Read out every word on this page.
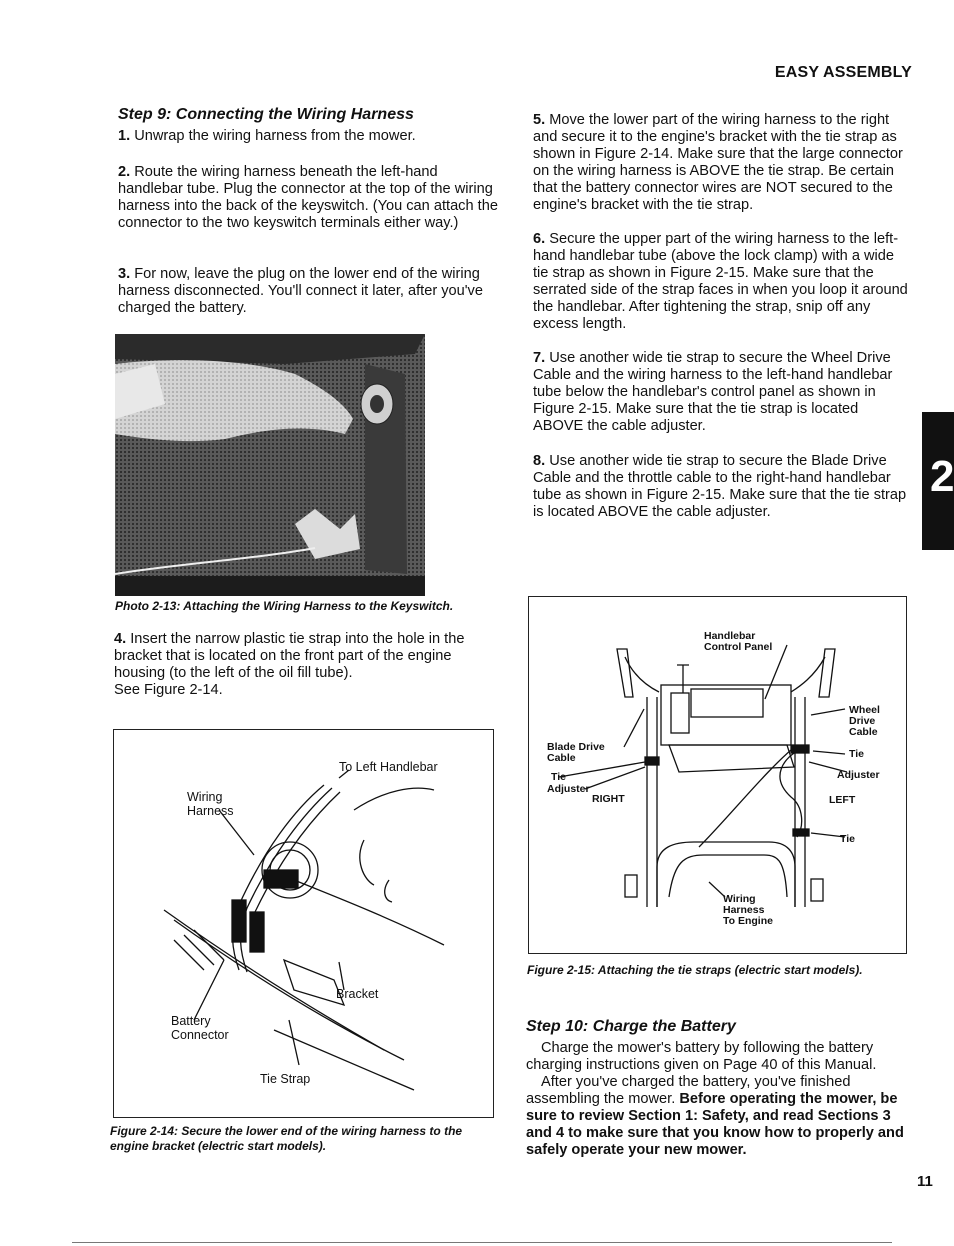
EASY ASSEMBLY
2
Step 9: Connecting the Wiring Harness
1. Unwrap the wiring harness from the mower.
2. Route the wiring harness beneath the left-hand handlebar tube. Plug the connector at the top of the wiring harness into the back of the keyswitch. (You can attach the connector to the two keyswitch terminals either way.)
3. For now, leave the plug on the lower end of the wiring harness disconnected. You'll connect it later, after you've charged the battery.
Photo 2-13: Attaching the Wiring Harness to the Keyswitch.
4. Insert the narrow plastic tie strap into the hole in the bracket that is located on the front part of the engine housing (to the left of the oil fill tube).
See Figure 2-14.
To Left Handlebar
Wiring
Harness
Bracket
Battery
Connector
Tie Strap
Figure 2-14: Secure the lower end of the wiring harness to the engine bracket (electric start models).
5. Move the lower part of the wiring harness to the right and secure it to the engine's bracket with the tie strap as shown in Figure 2-14. Make sure that the large connector on the wiring harness is ABOVE the tie strap. Be certain that the battery connector wires are NOT secured to the engine's bracket with the tie strap.
6. Secure the upper part of the wiring harness to the left-hand handlebar tube (above the lock clamp) with a wide tie strap as shown in Figure 2-15. Make sure that the serrated side of the strap faces in when you loop it around the handlebar. After tightening the strap, snip off any excess length.
7. Use another wide tie strap to secure the Wheel Drive Cable and the wiring harness to the left-hand handlebar tube below the handlebar's control panel as shown in Figure 2-15. Make sure that the tie strap is located ABOVE the cable adjuster.
8. Use another wide tie strap to secure the Blade Drive Cable and the throttle cable to the right-hand handlebar tube as shown in Figure 2-15. Make sure that the tie strap is located ABOVE the cable adjuster.
Handlebar
Control Panel
Wheel
Drive
Cable
Blade Drive
Cable
Tie
Adjuster
RIGHT
Tie
Adjuster
LEFT
Tie
Wiring
Harness
To Engine
Figure 2-15: Attaching the tie straps (electric start models).
Step 10: Charge the Battery
Charge the mower's battery by following the battery charging instructions given on Page 40 of this Manual.
After you've charged the battery, you've finished assembling the mower. Before operating the mower, be sure to review Section 1: Safety, and read Sections 3 and 4 to make sure that you know how to properly and safely operate your new mower.
11
